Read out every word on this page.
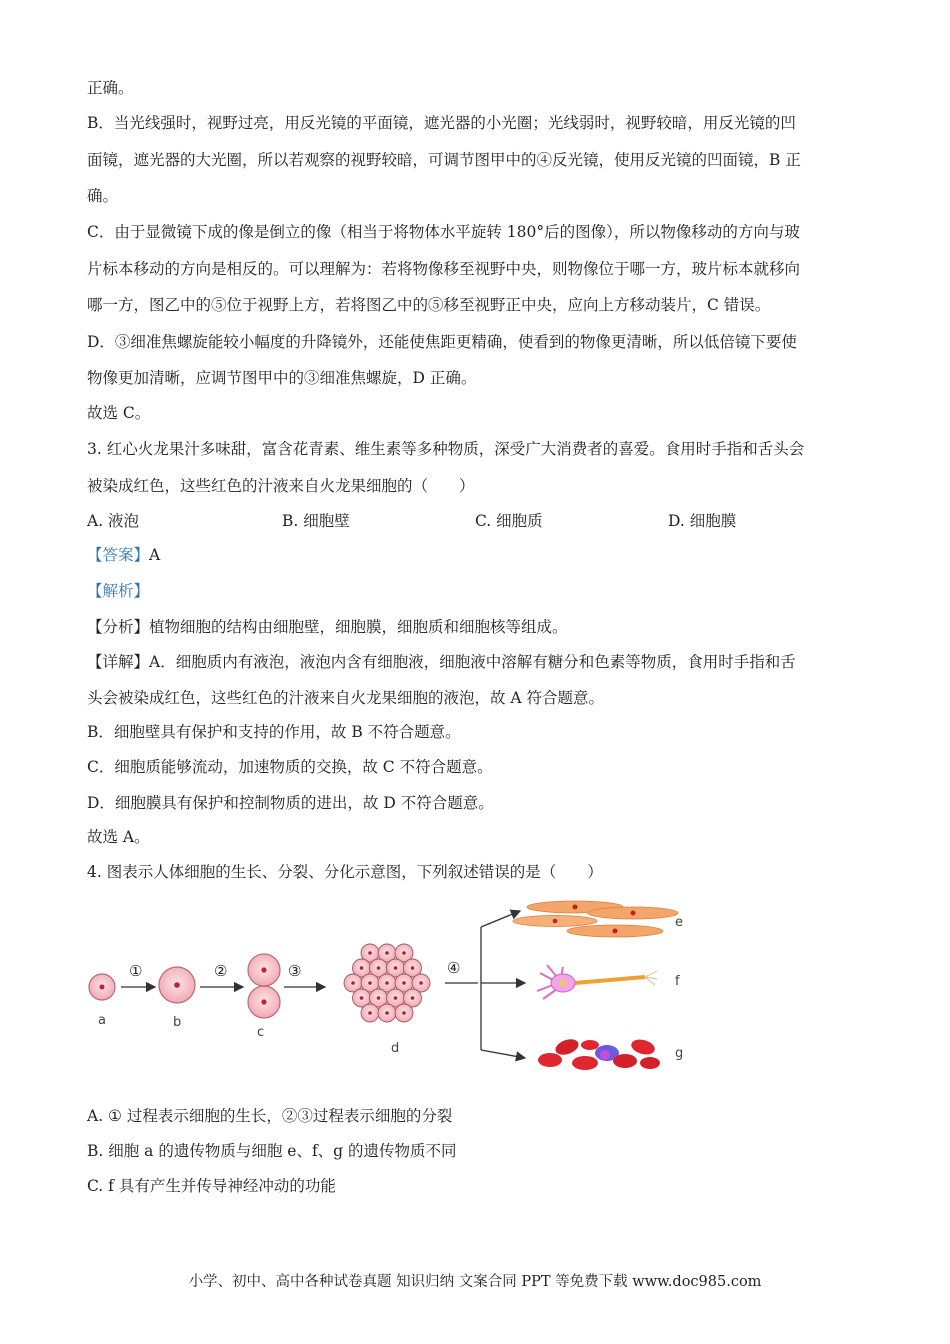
正确。
B．当光线强时，视野过亮，用反光镜的平面镜，遮光器的小光圈；光线弱时，视野较暗，用反光镜的凹
面镜，遮光器的大光圈，所以若观察的视野较暗，可调节图甲中的④反光镜，使用反光镜的凹面镜，B 正
确。
C．由于显微镜下成的像是倒立的像（相当于将物体水平旋转 180°后的图像），所以物像移动的方向与玻
片标本移动的方向是相反的。可以理解为：若将物像移至视野中央，则物像位于哪一方，玻片标本就移向
哪一方，图乙中的⑤位于视野上方，若将图乙中的⑤移至视野正中央，应向上方移动装片，C 错误。
D．③细准焦螺旋能较小幅度的升降镜外，还能使焦距更精确，使看到的物像更清晰，所以低倍镜下要使
物像更加清晰，应调节图甲中的③细准焦螺旋，D 正确。
故选 C。
3. 红心火龙果汁多味甜，富含花青素、维生素等多种物质，深受广大消费者的喜爱。食用时手指和舌头会
被染成红色，这些红色的汁液来自火龙果细胞的（　　）
A. 液泡	B. 细胞壁	C. 细胞质	D. 细胞膜
【答案】A
【解析】
【分析】植物细胞的结构由细胞壁，细胞膜，细胞质和细胞核等组成。
【详解】A．细胞质内有液泡，液泡内含有细胞液，细胞液中溶解有糖分和色素等物质，食用时手指和舌
头会被染成红色，这些红色的汁液来自火龙果细胞的液泡，故 A 符合题意。
B．细胞壁具有保护和支持的作用，故 B 不符合题意。
C．细胞质能够流动，加速物质的交换，故 C 不符合题意。
D．细胞膜具有保护和控制物质的进出，故 D 不符合题意。
故选 A。
4. 图表示人体细胞的生长、分裂、分化示意图，下列叙述错误的是（　　）
a
①
b
②
c
③
d
④
e
f
g
A. ① 过程表示细胞的生长，②③过程表示细胞的分裂
B. 细胞 a 的遗传物质与细胞 e、f、g 的遗传物质不同
C. f 具有产生并传导神经冲动的功能
小学、初中、高中各种试卷真题 知识归纳 文案合同 PPT 等免费下载 www.doc985.com
